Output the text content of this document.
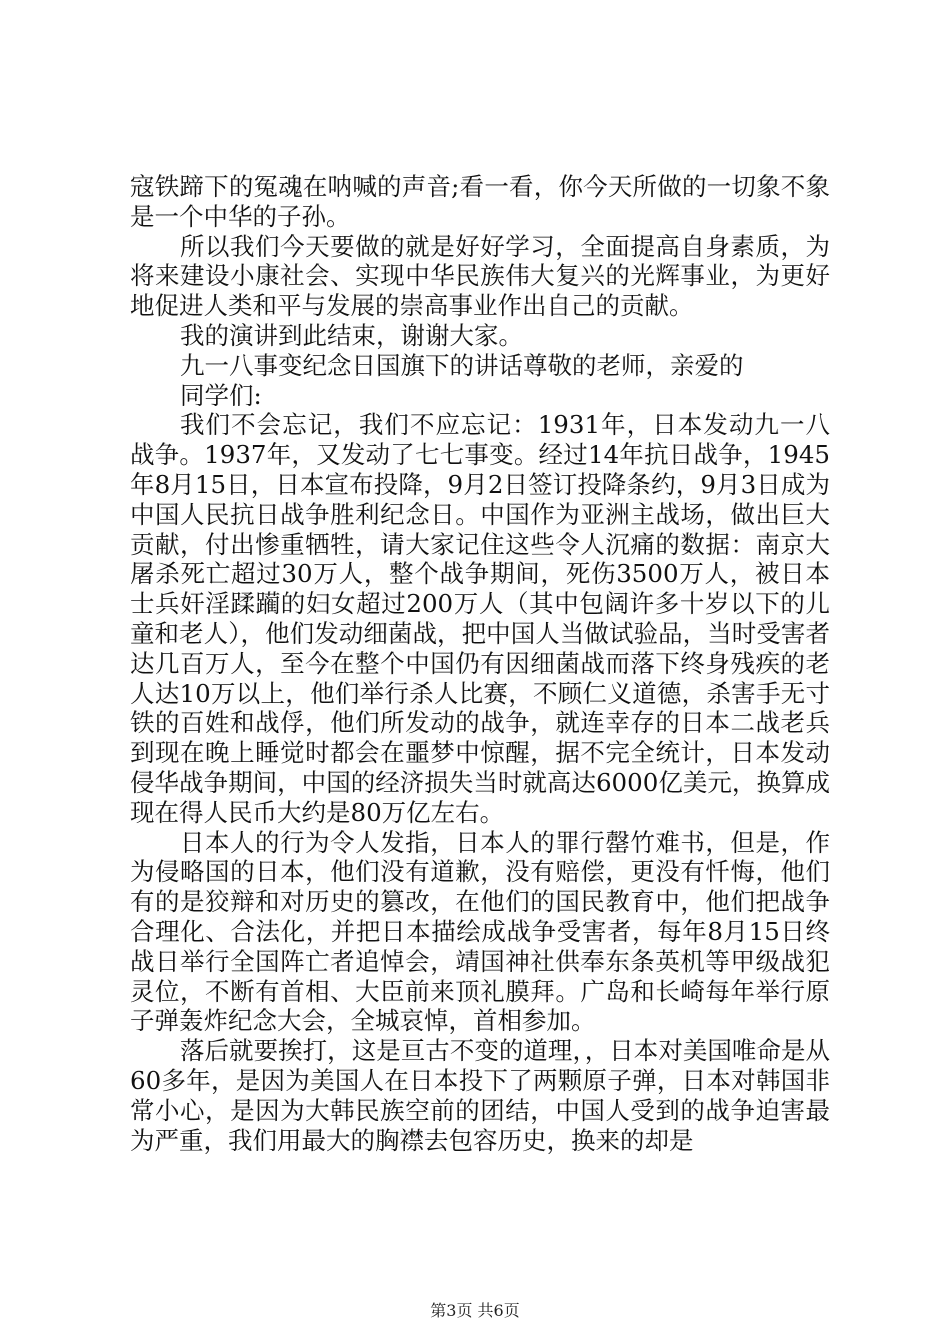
寇铁蹄下的冤魂在呐喊的声音;看一看，你今天所做的一切象不象是一个中华的子孙。

所以我们今天要做的就是好好学习，全面提高自身素质，为将来建设小康社会、实现中华民族伟大复兴的光辉事业，为更好地促进人类和平与发展的崇高事业作出自己的贡献。

我的演讲到此结束，谢谢大家。

九一八事变纪念日国旗下的讲话尊敬的老师，亲爱的

同学们:

我们不会忘记，我们不应忘记：1931年，日本发动九一八战争。1937年，又发动了七七事变。经过14年抗日战争，1945年8月15日，日本宣布投降，9月2日签订投降条约，9月3日成为中国人民抗日战争胜利纪念日。中国作为亚洲主战场，做出巨大贡献，付出惨重牺牲，请大家记住这些令人沉痛的数据：南京大屠杀死亡超过30万人，整个战争期间，死伤3500万人，被日本士兵奸淫蹂躏的妇女超过200万人（其中包阔许多十岁以下的儿童和老人），他们发动细菌战，把中国人当做试验品，当时受害者达几百万人，至今在整个中国仍有因细菌战而落下终身残疾的老人达10万以上，他们举行杀人比赛，不顾仁义道德，杀害手无寸铁的百姓和战俘，他们所发动的战争，就连幸存的日本二战老兵到现在晚上睡觉时都会在噩梦中惊醒，据不完全统计，日本发动侵华战争期间，中国的经济损失当时就高达6000亿美元，换算成现在得人民币大约是80万亿左右。

日本人的行为令人发指，日本人的罪行罄竹难书，但是，作为侵略国的日本，他们没有道歉，没有赔偿，更没有忏悔，他们有的是狡辩和对历史的篡改，在他们的国民教育中，他们把战争合理化、合法化，并把日本描绘成战争受害者，每年8月15日终战日举行全国阵亡者追悼会，靖国神社供奉东条英机等甲级战犯灵位，不断有首相、大臣前来顶礼膜拜。广岛和长崎每年举行原子弹轰炸纪念大会，全城哀悼，首相参加。

落后就要挨打，这是亘古不变的道理，，日本对美国唯命是从60多年，是因为美国人在日本投下了两颗原子弹，日本对韩国非常小心，是因为大韩民族空前的团结，中国人受到的战争迫害最为严重，我们用最大的胸襟去包容历史，换来的却是

第3页 共6页
